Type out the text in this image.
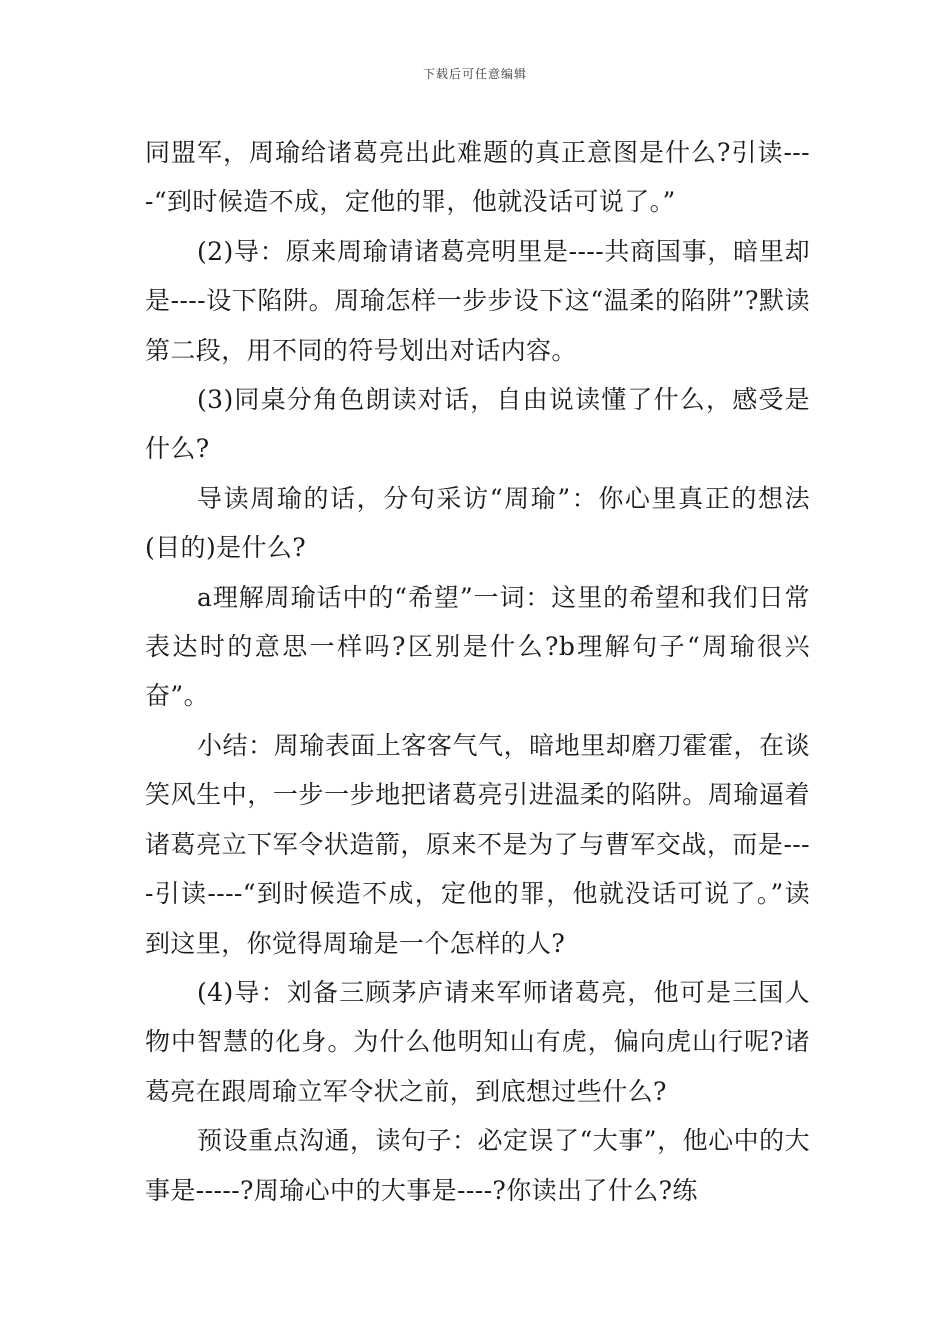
下载后可任意编辑

同盟军，周瑜给诸葛亮出此难题的真正意图是什么?引读----“到时候造不成，定他的罪，他就没话可说了。”

(2)导：原来周瑜请诸葛亮明里是----共商国事，暗里却是----设下陷阱。周瑜怎样一步步设下这“温柔的陷阱”?默读第二段，用不同的符号划出对话内容。

(3)同桌分角色朗读对话，自由说读懂了什么，感受是什么?

导读周瑜的话，分句采访“周瑜”：你心里真正的想法(目的)是什么?

a理解周瑜话中的“希望”一词：这里的希望和我们日常表达时的意思一样吗?区别是什么?b理解句子“周瑜很兴奋”。

小结：周瑜表面上客客气气，暗地里却磨刀霍霍，在谈笑风生中，一步一步地把诸葛亮引进温柔的陷阱。周瑜逼着诸葛亮立下军令状造箭，原来不是为了与曹军交战，而是----引读----“到时候造不成，定他的罪，他就没话可说了。”读到这里，你觉得周瑜是一个怎样的人?

(4)导：刘备三顾茅庐请来军师诸葛亮，他可是三国人物中智慧的化身。为什么他明知山有虎，偏向虎山行呢?诸葛亮在跟周瑜立军令状之前，到底想过些什么?

预设重点沟通，读句子：必定误了“大事”，他心中的大事是-----?周瑜心中的大事是----?你读出了什么?练
